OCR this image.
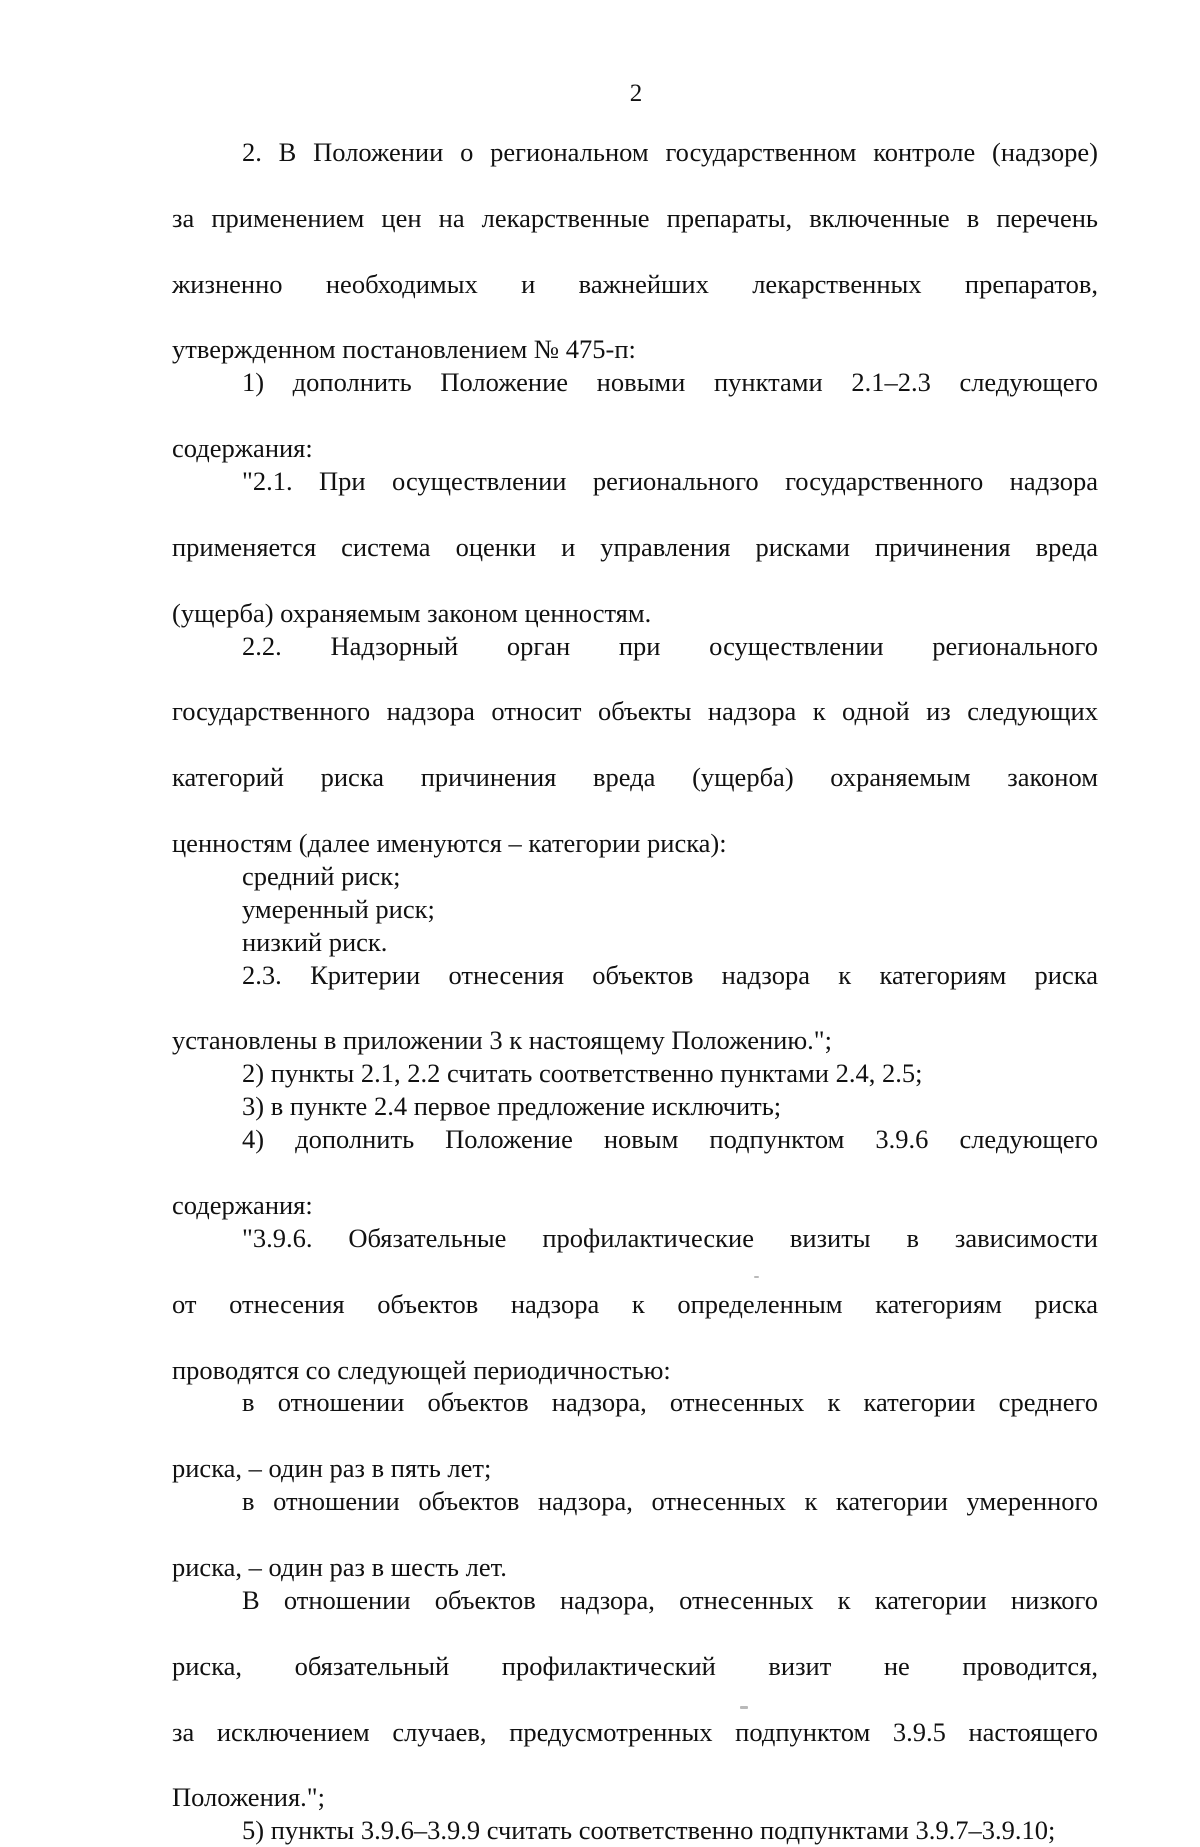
2

2. В Положении о региональном государственном контроле (надзоре)

за применением цен на лекарственные препараты, включенные в перечень

жизненно необходимых и важнейших лекарственных препаратов,

утвержденном постановлением № 475-п:

1) дополнить Положение новыми пунктами 2.1–2.3 следующего

содержания:

"2.1. При осуществлении регионального государственного надзора

применяется система оценки и управления рисками причинения вреда

(ущерба) охраняемым законом ценностям.

2.2. Надзорный орган при осуществлении регионального

государственного надзора относит объекты надзора к одной из следующих

категорий риска причинения вреда (ущерба) охраняемым законом

ценностям (далее именуются – категории риска):

средний риск;

умеренный риск;

низкий риск.

2.3. Критерии отнесения объектов надзора к категориям риска

установлены в приложении 3 к настоящему Положению.";

2) пункты 2.1, 2.2 считать соответственно пунктами 2.4, 2.5;

3) в пункте 2.4 первое предложение исключить;

4) дополнить Положение новым подпунктом 3.9.6 следующего

содержания:

"3.9.6. Обязательные профилактические визиты в зависимости

от отнесения объектов надзора к определенным категориям риска

проводятся со следующей периодичностью:

в отношении объектов надзора, отнесенных к категории среднего

риска, – один раз в пять лет;

в отношении объектов надзора, отнесенных к категории умеренного

риска, – один раз в шесть лет.

В отношении объектов надзора, отнесенных к категории низкого

риска, обязательный профилактический визит не проводится,

за исключением случаев, предусмотренных подпунктом 3.9.5 настоящего

Положения.";

5) пункты 3.9.6–3.9.9 считать соответственно подпунктами 3.9.7–3.9.10;
